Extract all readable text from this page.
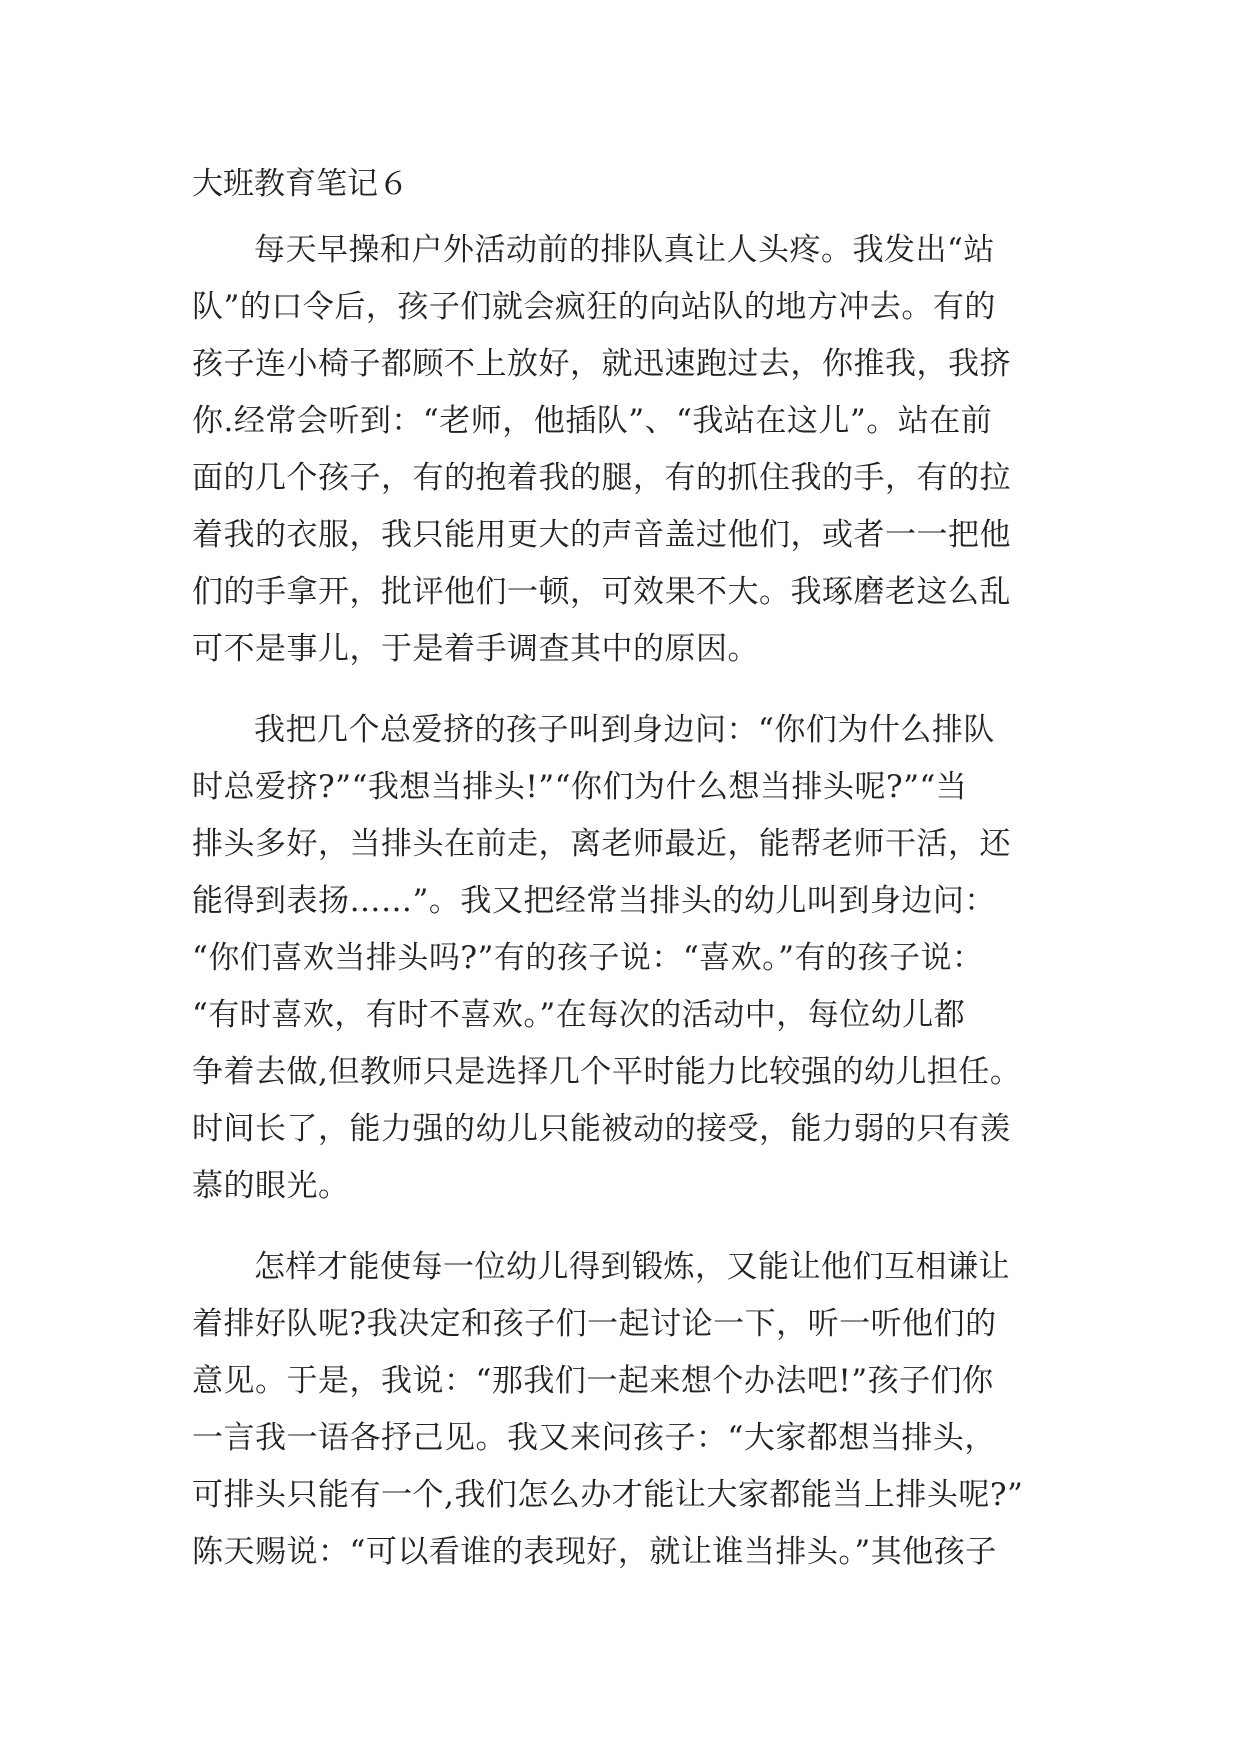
大班教育笔记６
每天早操和户外活动前的排队真让人头疼。我发出“站
队”的口令后，孩子们就会疯狂的向站队的地方冲去。有的
孩子连小椅子都顾不上放好，就迅速跑过去，你推我，我挤
你.经常会听到：“老师，他插队”、“我站在这儿”。站在前
面的几个孩子，有的抱着我的腿，有的抓住我的手，有的拉
着我的衣服，我只能用更大的声音盖过他们，或者一一把他
们的手拿开，批评他们一顿，可效果不大。我琢磨老这么乱
可不是事儿，于是着手调查其中的原因。
我把几个总爱挤的孩子叫到身边问：“你们为什么排队
时总爱挤?”“我想当排头!”“你们为什么想当排头呢?”“当
排头多好，当排头在前走，离老师最近，能帮老师干活，还
能得到表扬……”。我又把经常当排头的幼儿叫到身边问：
“你们喜欢当排头吗?”有的孩子说：“喜欢。”有的孩子说：
“有时喜欢，有时不喜欢。”在每次的活动中，每位幼儿都
争着去做,但教师只是选择几个平时能力比较强的幼儿担任。
时间长了，能力强的幼儿只能被动的接受，能力弱的只有羡
慕的眼光。
怎样才能使每一位幼儿得到锻炼，又能让他们互相谦让
着排好队呢?我决定和孩子们一起讨论一下，听一听他们的
意见。于是，我说：“那我们一起来想个办法吧!”孩子们你
一言我一语各抒己见。我又来问孩子：“大家都想当排头，
可排头只能有一个,我们怎么办才能让大家都能当上排头呢?”
陈天赐说：“可以看谁的表现好，就让谁当排头。”其他孩子
